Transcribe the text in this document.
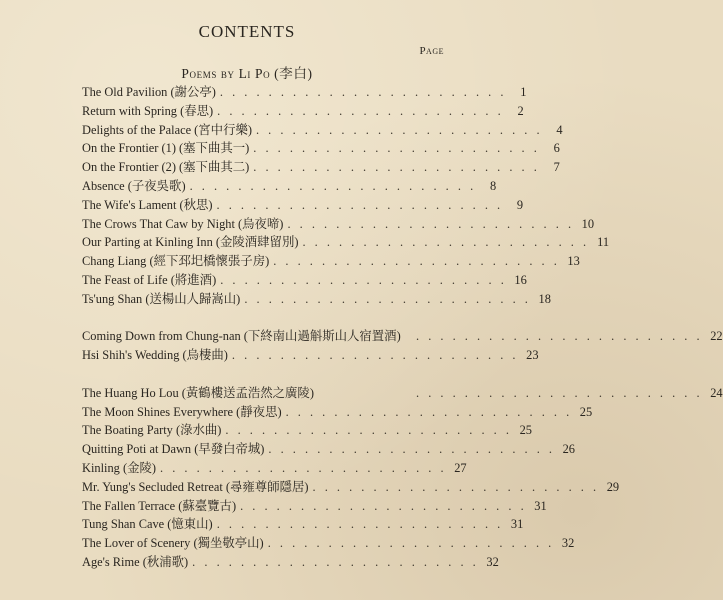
CONTENTS
Page
Poems by Li Po (李白)
The Old Pavilion (謝公亭) . . . . . . . . . . . . . . . . . . . . . . . .	1
Return with Spring (春思) . . . . . . . . . . . . . . . . . . . . . . . .	2
Delights of the Palace (宮中行樂) . . . . . . . . . . . . . . . . . . . . . . . .	4
On the Frontier (1) (塞下曲其一) . . . . . . . . . . . . . . . . . . . . . . . .	6
On the Frontier (2) (塞下曲其二) . . . . . . . . . . . . . . . . . . . . . . . .	7
Absence (子夜吳歌) . . . . . . . . . . . . . . . . . . . . . . . .	8
The Wife's Lament (秋思) . . . . . . . . . . . . . . . . . . . . . . . .	9
The Crows That Caw by Night (烏夜啼) . . . . . . . . . . . . . . . . . . . . . . . . 10
Our Parting at Kinling Inn (金陵酒肆留別) . . . . . . . . . . . . . . . . . . . . . . . . 11
Chang Liang (經下邳圯橋懷張子房) . . . . . . . . . . . . . . . . . . . . . . . . 13
The Feast of Life (將進酒) . . . . . . . . . . . . . . . . . . . . . . . . 16
Ts'ung Shan (送楊山人歸嵩山) . . . . . . . . . . . . . . . . . . . . . . . . 18
Coming Down from Chung-nan (下終南山過斛斯山人宿置酒)	. . . . . . . . . . . . . . . . . . . . . . . . 22
Hsi Shih's Wedding (烏棲曲) . . . . . . . . . . . . . . . . . . . . . . . . 23
The Huang Ho Lou (黃鶴樓送孟浩然之廣陵)	. . . . . . . . . . . . . . . . . . . . . . . . 24
The Moon Shines Everywhere (靜夜思) . . . . . . . . . . . . . . . . . . . . . . . . 25
The Boating Party (淥水曲) . . . . . . . . . . . . . . . . . . . . . . . . 25
Quitting Poti at Dawn (早發白帝城) . . . . . . . . . . . . . . . . . . . . . . . . 26
Kinling (金陵) . . . . . . . . . . . . . . . . . . . . . . . . 27
Mr. Yung's Secluded Retreat (尋雍尊師隱居) . . . . . . . . . . . . . . . . . . . . . . . . 29
The Fallen Terrace (蘇臺覽古) . . . . . . . . . . . . . . . . . . . . . . . . 31
Tung Shan Cave (憶東山) . . . . . . . . . . . . . . . . . . . . . . . . 31
The Lover of Scenery (獨坐敬亭山) . . . . . . . . . . . . . . . . . . . . . . . . 32
Age's Rime (秋浦歌) . . . . . . . . . . . . . . . . . . . . . . . . 32
